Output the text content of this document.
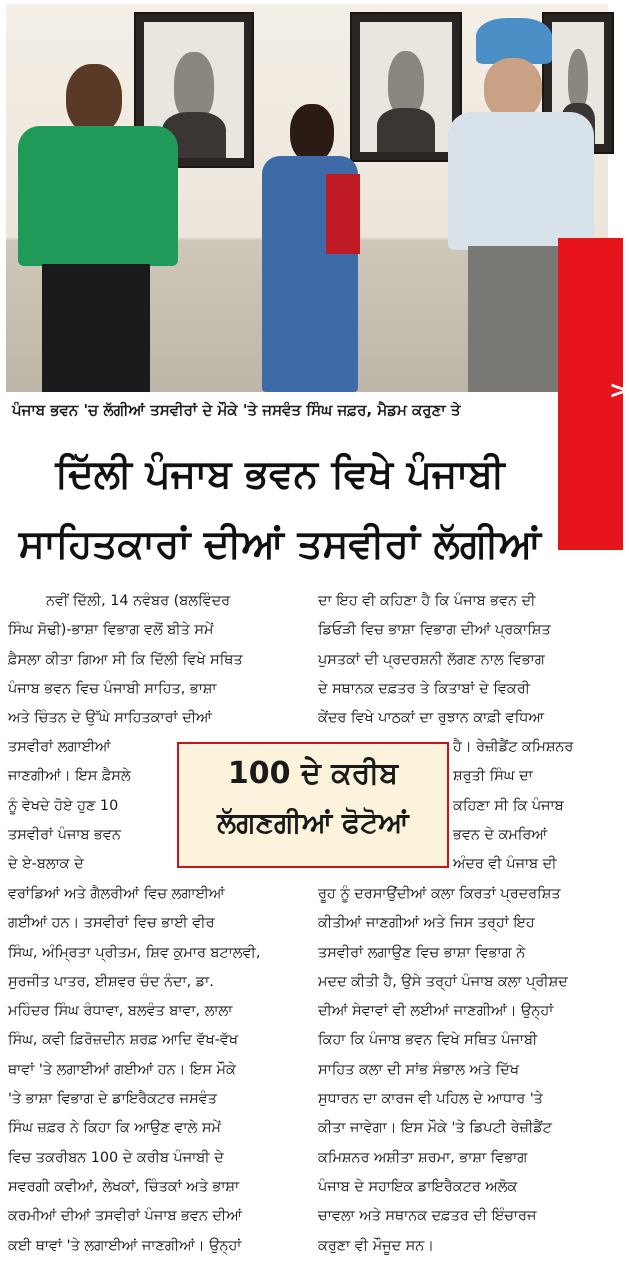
ਪੰਜਾਬ ਭਵਨ 'ਚ ਲੱਗੀਆਂ ਤਸਵੀਰਾਂ ਦੇ ਮੌਕੇ 'ਤੇ ਜਸਵੰਤ ਸਿੰਘ ਜਫ਼ਰ, ਮੈਡਮ ਕਰੁਣਾ ਤੇ
>
ਦਿੱਲੀ ਪੰਜਾਬ ਭਵਨ ਵਿਖੇ ਪੰਜਾਬੀ
ਸਾਹਿਤਕਾਰਾਂ ਦੀਆਂ ਤਸਵੀਰਾਂ ਲੱਗੀਆਂ

ਨਵੀਂ ਦਿੱਲੀ, 14 ਨਵੰਬਰ (ਬਲਵਿੰਦਰ

ਸਿੰਘ ਸੋਢੀ)-ਭਾਸ਼ਾ ਵਿਭਾਗ ਵਲੋਂ ਬੀਤੇ ਸਮੇਂ

ਫ਼ੈਸਲਾ ਕੀਤਾ ਗਿਆ ਸੀ ਕਿ ਦਿੱਲੀ ਵਿਖੇ ਸਥਿਤ

ਪੰਜਾਬ ਭਵਨ ਵਿਚ ਪੰਜਾਬੀ ਸਾਹਿਤ, ਭਾਸ਼ਾ

ਅਤੇ ਚਿੰਤਨ ਦੇ ਉੱਘੇ ਸਾਹਿਤਕਾਰਾਂ ਦੀਆਂ

ਤਸਵੀਰਾਂ ਲਗਾਈਆਂ

ਜਾਣਗੀਆਂ। ਇਸ ਫ਼ੈਸਲੇ

ਨੂੰ ਵੇਖਦੇ ਹੋਏ ਹੁਣ 10

ਤਸਵੀਰਾਂ ਪੰਜਾਬ ਭਵਨ

ਦੇ ਏ-ਬਲਾਕ ਦੇ

ਵਰਾਂਡਿਆਂ ਅਤੇ ਗੈਲਰੀਆਂ ਵਿਚ ਲਗਾਈਆਂ

ਗਈਆਂ ਹਨ। ਤਸਵੀਰਾਂ ਵਿਚ ਭਾਈ ਵੀਰ

ਸਿੰਘ, ਅੰਮ੍ਰਿਤਾ ਪ੍ਰੀਤਮ, ਸ਼ਿਵ ਕੁਮਾਰ ਬਟਾਲਵੀ,

ਸੁਰਜੀਤ ਪਾਤਰ, ਈਸ਼ਵਰ ਚੰਦ ਨੰਦਾ, ਡਾ.

ਮਹਿੰਦਰ ਸਿੰਘ ਰੰਧਾਵਾ, ਬਲਵੰਤ ਬਾਵਾ, ਲਾਲਾ

ਸਿੰਘ, ਕਵੀ ਫ਼ਿਰੋਜ਼ਦੀਨ ਸ਼ਰਫ਼ ਆਦਿ ਵੱਖ-ਵੱਖ

ਥਾਵਾਂ 'ਤੇ ਲਗਾਈਆਂ ਗਈਆਂ ਹਨ। ਇਸ ਮੌਕੇ

'ਤੇ ਭਾਸ਼ਾ ਵਿਭਾਗ ਦੇ ਡਾਇਰੈਕਟਰ ਜਸਵੰਤ

ਸਿੰਘ ਜ਼ਫ਼ਰ ਨੇ ਕਿਹਾ ਕਿ ਆਉਣ ਵਾਲੇ ਸਮੇਂ

ਵਿਚ ਤਕਰੀਬਨ 100 ਦੇ ਕਰੀਬ ਪੰਜਾਬੀ ਦੇ

ਸਵਰਗੀ ਕਵੀਆਂ, ਲੇਖਕਾਂ, ਚਿੰਤਕਾਂ ਅਤੇ ਭਾਸ਼ਾ

ਕਰਮੀਆਂ ਦੀਆਂ ਤਸਵੀਰਾਂ ਪੰਜਾਬ ਭਵਨ ਦੀਆਂ

ਕਈ ਥਾਵਾਂ 'ਤੇ ਲਗਾਈਆਂ ਜਾਣਗੀਆਂ। ਉਨ੍ਹਾਂ

ਦਾ ਇਹ ਵੀ ਕਹਿਣਾ ਹੈ ਕਿ ਪੰਜਾਬ ਭਵਨ ਦੀ

ਡਿਓੜੀ ਵਿਚ ਭਾਸ਼ਾ ਵਿਭਾਗ ਦੀਆਂ ਪ੍ਰਕਾਸ਼ਿਤ

ਪੁਸਤਕਾਂ ਦੀ ਪ੍ਰਦਰਸ਼ਨੀ ਲੱਗਣ ਨਾਲ ਵਿਭਾਗ

ਦੇ ਸਥਾਨਕ ਦਫ਼ਤਰ ਤੇ ਕਿਤਾਬਾਂ ਦੇ ਵਿਕਰੀ

ਕੇਂਦਰ ਵਿਖੇ ਪਾਠਕਾਂ ਦਾ ਰੁਝਾਨ ਕਾਫ਼ੀ ਵਧਿਆ

ਹੈ। ਰੇਜ਼ੀਡੈਂਟ ਕਮਿਸ਼ਨਰ

ਸ਼ਰੁਤੀ ਸਿੰਘ ਦਾ

ਕਹਿਣਾ ਸੀ ਕਿ ਪੰਜਾਬ

ਭਵਨ ਦੇ ਕਮਰਿਆਂ

ਅੰਦਰ ਵੀ ਪੰਜਾਬ ਦੀ

ਰੂਹ ਨੂੰ ਦਰਸਾਉਂਦੀਆਂ ਕਲਾ ਕਿਰਤਾਂ ਪ੍ਰਦਰਸ਼ਿਤ

ਕੀਤੀਆਂ ਜਾਣਗੀਆਂ ਅਤੇ ਜਿਸ ਤਰ੍ਹਾਂ ਇਹ

ਤਸਵੀਰਾਂ ਲਗਾਉਣ ਵਿਚ ਭਾਸ਼ਾ ਵਿਭਾਗ ਨੇ

ਮਦਦ ਕੀਤੀ ਹੈ, ਉਸੇ ਤਰ੍ਹਾਂ ਪੰਜਾਬ ਕਲਾ ਪ੍ਰੀਸ਼ਦ

ਦੀਆਂ ਸੇਵਾਵਾਂ ਵੀ ਲਈਆਂ ਜਾਣਗੀਆਂ। ਉਨ੍ਹਾਂ

ਕਿਹਾ ਕਿ ਪੰਜਾਬ ਭਵਨ ਵਿਖੇ ਸਥਿਤ ਪੰਜਾਬੀ

ਸਾਹਿਤ ਕਲਾ ਦੀ ਸਾਂਭ ਸੰਭਾਲ ਅਤੇ ਦਿੱਖ

ਸੁਧਾਰਨ ਦਾ ਕਾਰਜ ਵੀ ਪਹਿਲ ਦੇ ਆਧਾਰ 'ਤੇ

ਕੀਤਾ ਜਾਵੇਗਾ। ਇਸ ਮੌਕੇ 'ਤੇ ਡਿਪਟੀ ਰੇਜ਼ੀਡੈਂਟ

ਕਮਿਸ਼ਨਰ ਅਸ਼ੀਤਾ ਸ਼ਰਮਾ, ਭਾਸ਼ਾ ਵਿਭਾਗ

ਪੰਜਾਬ ਦੇ ਸਹਾਇਕ ਡਾਇਰੈਕਟਰ ਅਲੋਕ

ਚਾਵਲਾ ਅਤੇ ਸਥਾਨਕ ਦਫ਼ਤਰ ਦੀ ਇੰਚਾਰਜ

ਕਰੁਣਾ ਵੀ ਮੌਜੂਦ ਸਨ।

100 ਦੇ ਕਰੀਬ
ਲੱਗਣਗੀਆਂ ਫੋਟੋਆਂ
